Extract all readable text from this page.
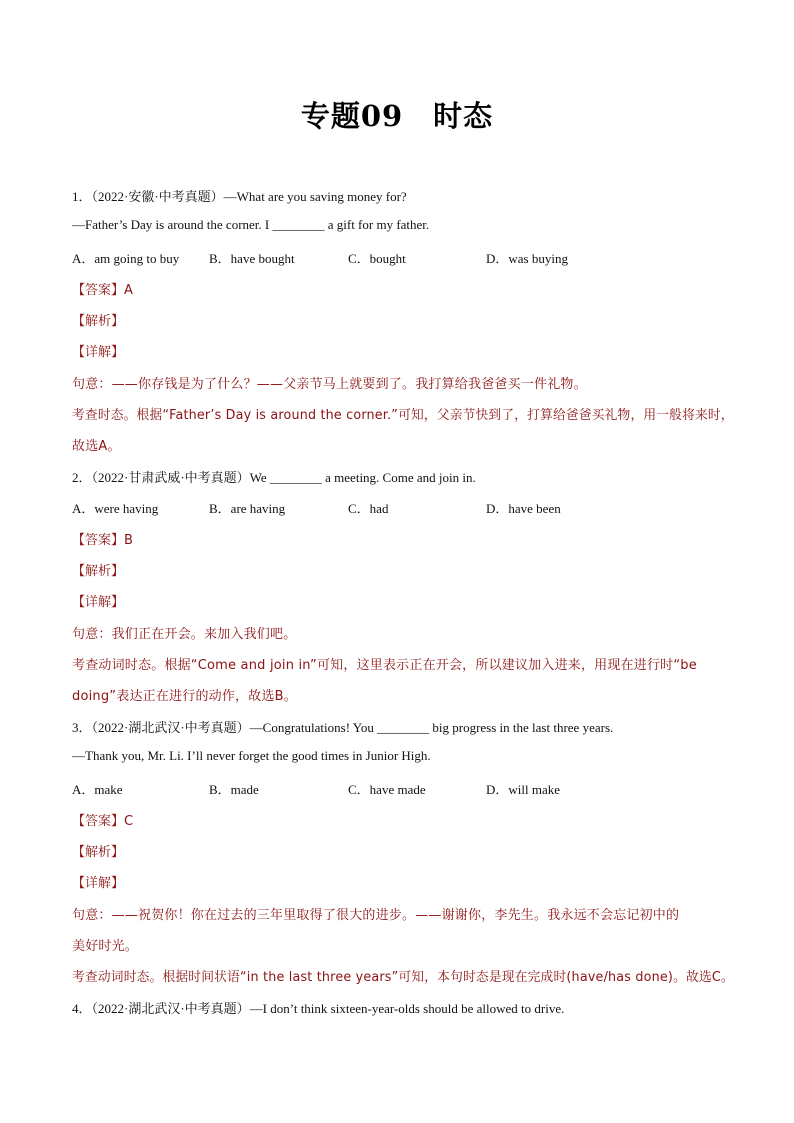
专题09　时态
1．（2022·安徽·中考真题）—What are you saving money for?
—Father’s Day is around the corner. I ________ a gift for my father.
A．am going to buy B．have bought	C．bought	D．was buying
【答案】A
【解析】
【详解】
句意：——你存钱是为了什么？——父亲节马上就要到了。我打算给我爸爸买一件礼物。
考查时态。根据“Father’s Day is around the corner.”可知，父亲节快到了，打算给爸爸买礼物，用一般将来时，
故选A。
2．（2022·甘肃武威·中考真题）We ________ a meeting. Come and join in.
A．were having	B．are having	C．had	D．have been
【答案】B
【解析】
【详解】
句意：我们正在开会。来加入我们吧。
考查动词时态。根据“Come and join in”可知，这里表示正在开会，所以建议加入进来，用现在进行时“be
doing”表达正在进行的动作，故选B。
3．（2022·湖北武汉·中考真题）—Congratulations! You ________ big progress in the last three years.
—Thank you, Mr. Li. I’ll never forget the good times in Junior High.
A．make	B．made	C．have made	D．will make
【答案】C
【解析】
【详解】
句意：——祝贺你！你在过去的三年里取得了很大的进步。——谢谢你，李先生。我永远不会忘记初中的
美好时光。
考查动词时态。根据时间状语“in the last three years”可知，本句时态是现在完成时(have/has done)。故选C。
4．（2022·湖北武汉·中考真题）—I don’t think sixteen-year-olds should be allowed to drive.
